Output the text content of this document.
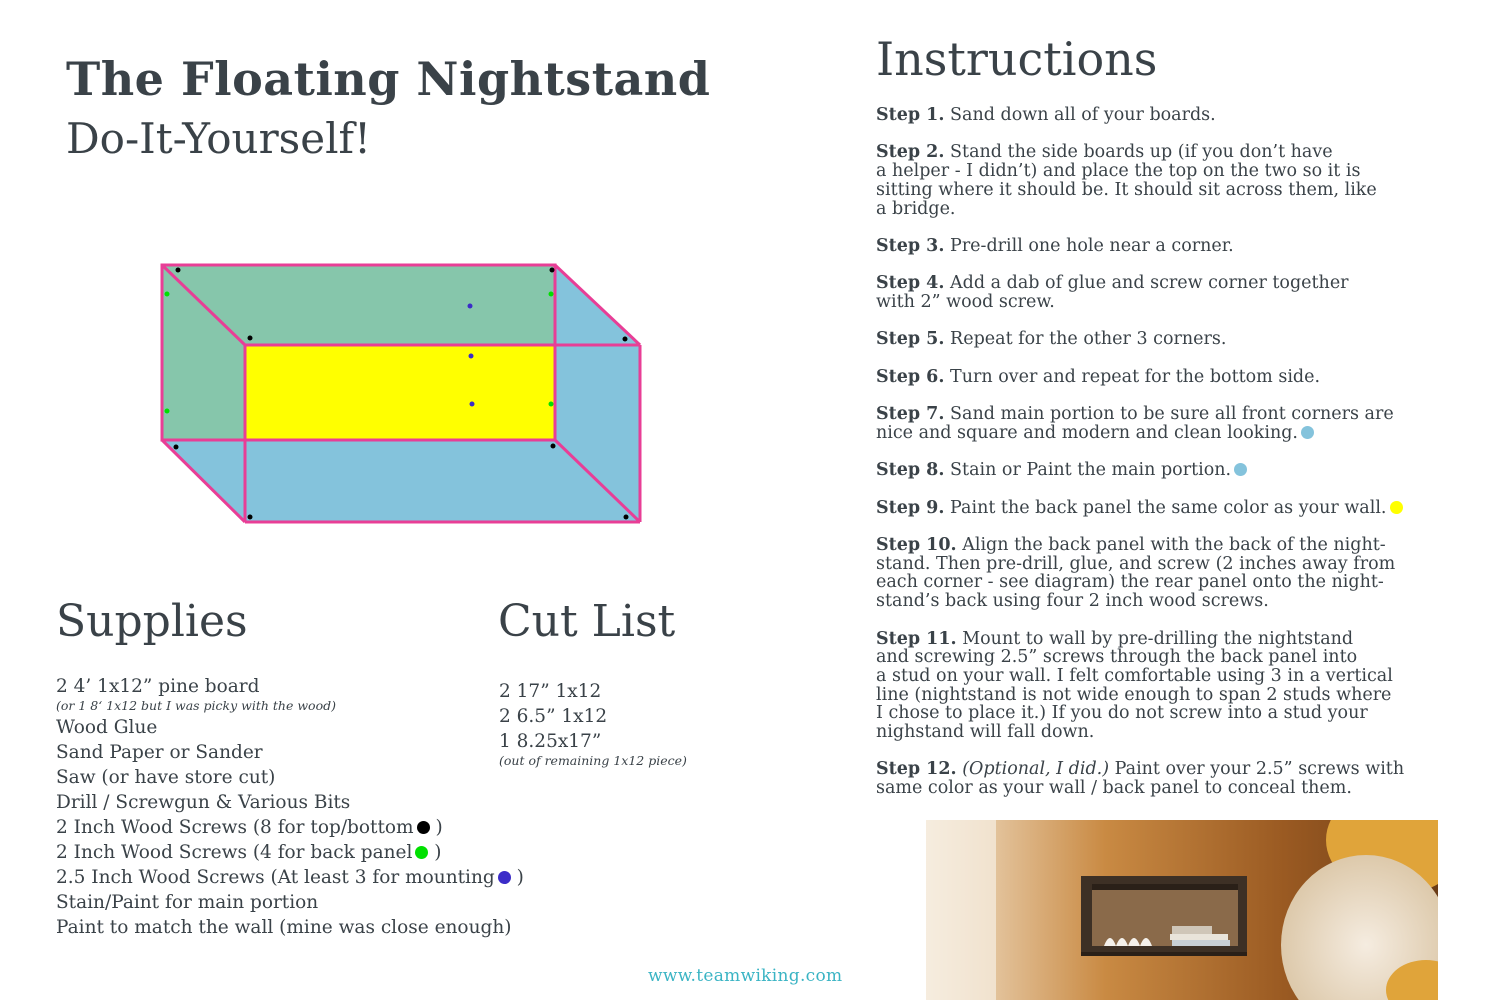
The Floating Nightstand
Do-It-Yourself!
Supplies
2 4’ 1x12” pine board
(or 1 8‘ 1x12 but I was picky with the wood)
Wood Glue
Sand Paper or Sander
Saw (or have store cut)
Drill / Screwgun & Various Bits
2 Inch Wood Screws (8 for top/bottom )
2 Inch Wood Screws (4 for back panel )
2.5 Inch Wood Screws (At least 3 for mounting )
Stain/Paint for main portion
Paint to match the wall (mine was close enough)
Cut List
2 17” 1x12
2 6.5” 1x12
1 8.25x17”
(out of remaining 1x12 piece)
Instructions

Step 1. Sand down all of your boards.

Step 2. Stand the side boards up (if you don’t have
a helper - I didn’t) and place the top on the two so it is
sitting where it should be. It should sit across them, like
a bridge.

Step 3. Pre-drill one hole near a corner.

Step 4. Add a dab of glue and screw corner together
with 2” wood screw.

Step 5. Repeat for the other 3 corners.

Step 6. Turn over and repeat for the bottom side.

Step 7. Sand main portion to be sure all front corners are
nice and square and modern and clean looking.

Step 8. Stain or Paint the main portion.

Step 9. Paint the back panel the same color as your wall.

Step 10. Align the back panel with the back of the night-
stand. Then pre-drill, glue, and screw (2 inches away from
each corner - see diagram) the rear panel onto the night-
stand’s back using four 2 inch wood screws.

Step 11. Mount to wall by pre-drilling the nightstand
and screwing 2.5” screws through the back panel into
a stud on your wall. I felt comfortable using 3 in a vertical
line (nightstand is not wide enough to span 2 studs where
I chose to place it.) If you do not screw into a stud your
nighstand will fall down.

Step 12. (Optional, I did.) Paint over your 2.5” screws with
same color as your wall / back panel to conceal them.

www.teamwiking.com
